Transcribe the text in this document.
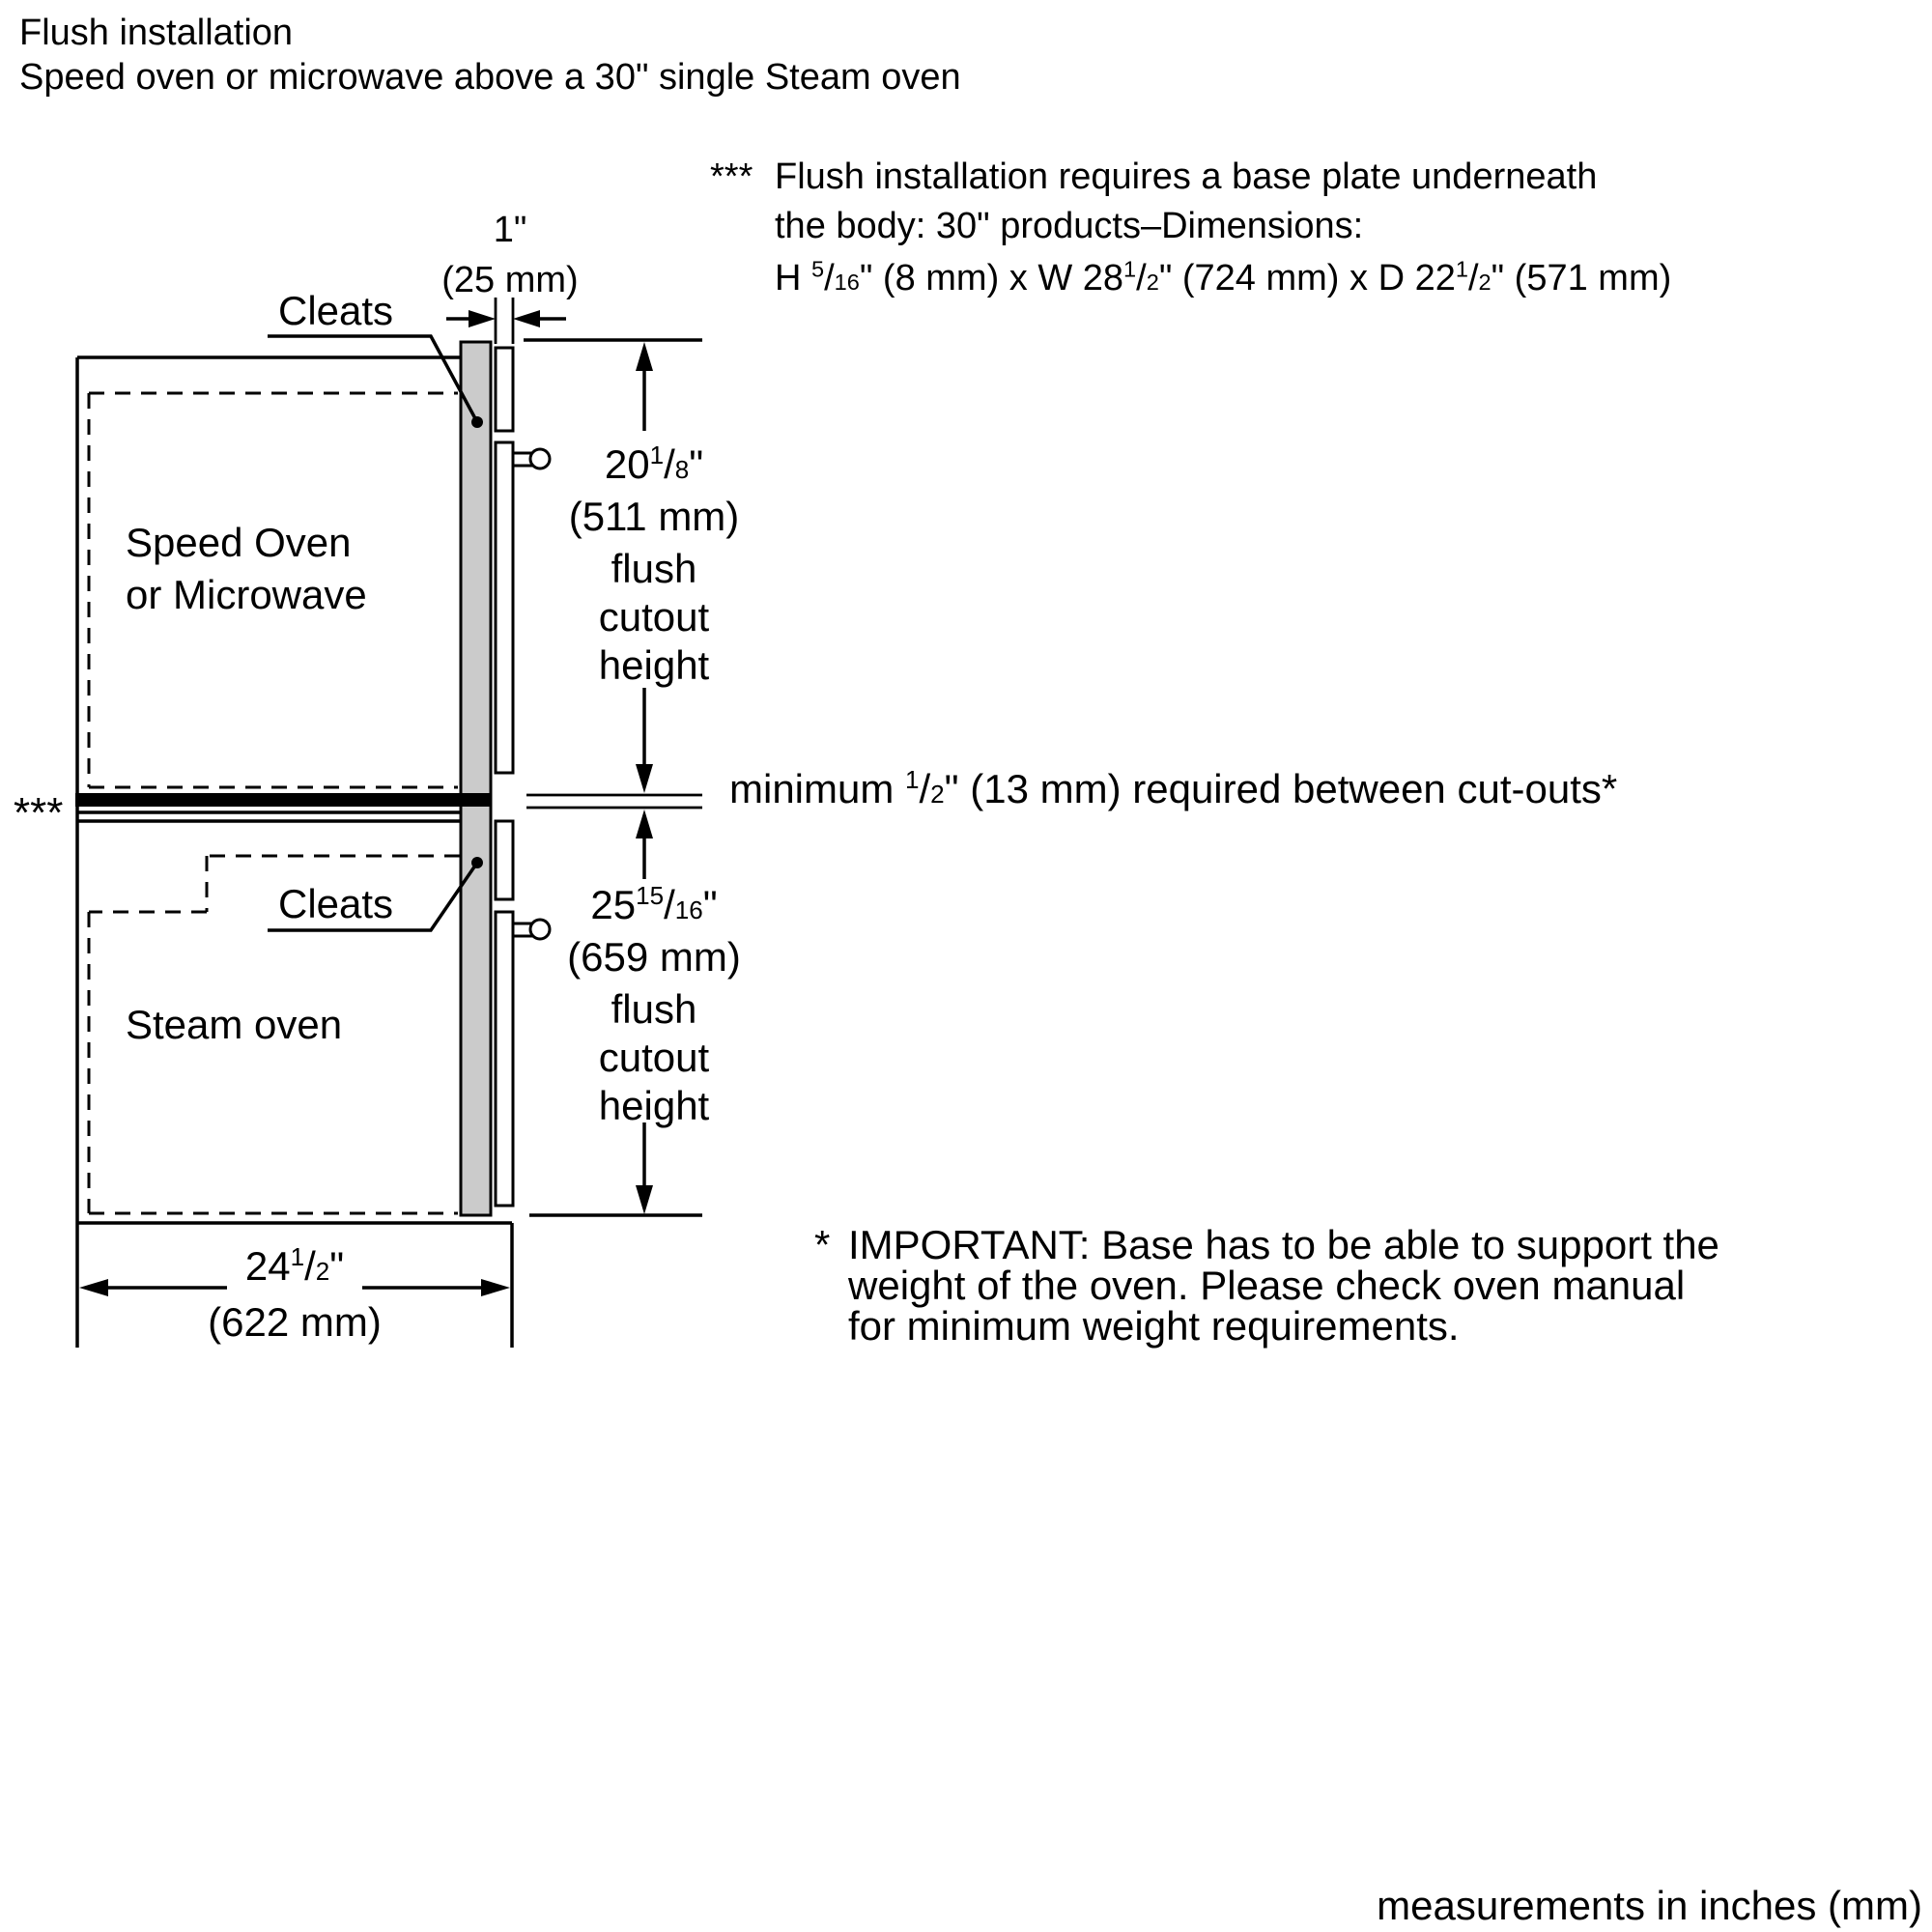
Flush installation
Speed oven or microwave above a 30" single Steam oven
*** Flush installation requires a base plate underneath
the body: 30" products–Dimensions:
H $^5$/16" (8 mm) x W $28^1/2$" (724 mm) x D $22^1/2$" (571 mm)
1"
(25 mm)
Cleats
Cleats
Speed Oven
or Microwave
Steam oven
***
$20^1/8$"
(511 mm)
flush
cutout
height
minimum $^1$/2" (13 mm) required between cut-outs*
$25^{15}/16$"
(659 mm)
flush
cutout
height
$24^1/2$"
(622 mm)
* IMPORTANT: Base has to be able to support the
weight of the oven. Please check oven manual
for minimum weight requirements.
measurements in inches (mm)
